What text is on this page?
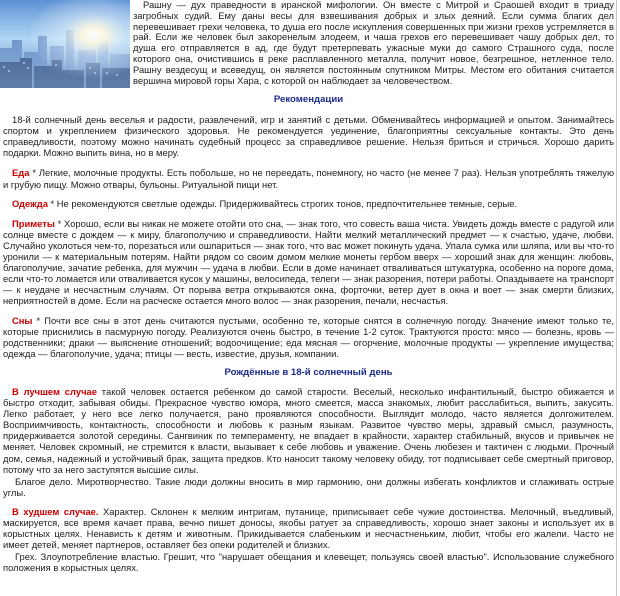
Рашну — дух праведности в иранской мифологии. Он вместе с Митрой и Сраошей входит в триаду загробных судий. Ему даны весы для взвешивания добрых и злых деяний. Если сумма благих дел перевешивает грехи человека, то душа его после искупления совершенных при жизни грехов устремляется в рай. Если же человек был закоренелым злодеем, и чаша грехов его перевешивает чашу добрых дел, то душа его отправляется в ад, где будут претерпевать ужасные муки до самого Страшного суда, после которого она, очистившись в реке расплавленного металла, получит новое, безгрешное, нетленное тело. Рашну вездесущ и всеведущ, он является постоянным спутником Митры. Местом его обитания считается вершина мировой горы Хара, с которой он наблюдает за человечеством.

Рекомендации

18-й солнечный день веселья и радости, развлечений, игр и занятий с детьми. Обменивайтесь информацией и опытом. Занимайтесь спортом и укреплением физического здоровья. Не рекомендуется уединение, благоприятны сексуальные контакты. Это день справедливости, поэтому можно начинать судебный процесс за справедливое решение. Нельзя бриться и стричься. Хорошо дарить подарки. Можно выпить вина, но в меру.

Еда * Легкие, молочные продукты. Есть побольше, но не переедать, понемногу, но часто (не менее 7 раз). Нельзя употреблять тяжелую и грубую пищу. Можно отвары, бульоны. Ритуальной пищи нет.

Одежда * Не рекомендуются светлые одежды. Придерживайтесь строгих тонов, предпочтительнее темные, серые.

Приметы * Хорошо, если вы никак не можете отойти ото сна, — знак того, что совесть ваша чиста. Увидеть дождь вместе с радугой или солнце вместе с дождем — к миру, благополучию и справедливости. Найти мелкий металлический предмет — к счастью, удаче, любви. Случайно уколоться чем-то, порезаться или ошпариться — знак того, что вас может покинуть удача. Упала сумка или шляпа, или вы что-то уронили — к материальным потерям. Найти рядом со своим домом мелкие монеты гербом вверх — хороший знак для женщин: любовь, благополучие, зачатие ребенка, для мужчин — удача в любви. Если в доме начинает отваливаться штукатурка, особенно на пороге дома, если что-то ломается или отваливается кусок у машины, велосипеда, телеги — знак разорения, потери работы. Опаздываете на транспорт — к неудаче и несчастным случаям. От порыва ветра открываются окна, форточки, ветер дует в окна и воет — знак смерти близких, неприятностей в доме. Если на расческе остается много волос — знак разорения, печали, несчастья.

Сны * Почти все сны в этот день считаются пустыми, особенно те, которые снятся в солнечную погоду. Значение имеют только те, которые приснились в пасмурную погоду. Реализуются очень быстро, в течение 1-2 суток. Трактуются просто: мясо — болезнь, кровь — родственники; драки — выяснение отношений; водоочищение; еда мясная — огорчение, молочные продукты — укрепление имущества; одежда — благополучие, удача; птицы — весть, известие, друзья, компании.

Рождённые в 18-й солнечный день

В лучшем случае такой человек остается ребенком до самой старости. Веселый, несколько инфантильный, быстро обижается и быстро отходит, забывая обиды. Прекрасное чувство юмора, много смеется, масса знакомых, любит расслабиться, выпить, закусить. Легко работает, у него все легко получается, рано проявляются способности. Выглядит молодо, часто является долгожителем. Восприимчивость, контактность, способности и любовь к разным языкам. Развитое чувство меры, здравый смысл, разумность, придерживается золотой середины. Сангвиник по темпераменту, не впадает в крайности, характер стабильный, вкусов и привычек не меняет. Человек скромный, не стремится к власти, вызывает к себе любовь и уважение. Очень любезен и тактичен с людьми. Прочный дом, семья, надежный и устойчивый брак, защита предков. Кто наносит такому человеку обиду, тот подписывает себе смертный приговор, потому что за него заступятся высшие силы.

Благое дело. Миротворчество. Такие люди должны вносить в мир гармонию, они должны избегать конфликтов и сглаживать острые углы.

В худшем случае. Характер. Склонен к мелким интригам, путанице, приписывает себе чужие достоинства. Мелочный, въедливый, маскируется, все время качает права, вечно пишет доносы, якобы ратует за справедливость, хорошо знает законы и использует их в корыстных целях. Ненависть к детям и животным. Прикидывается слабеньким и несчастненьким, любит, чтобы его жалели. Часто не имеет детей, меняет партнеров, оставляет без опеки родителей и близких.

Грех. Злоупотребление властью. Грешит, что "нарушает обещания и клевещет, пользуясь своей властью". Использование служебного положения в корыстных целях.
